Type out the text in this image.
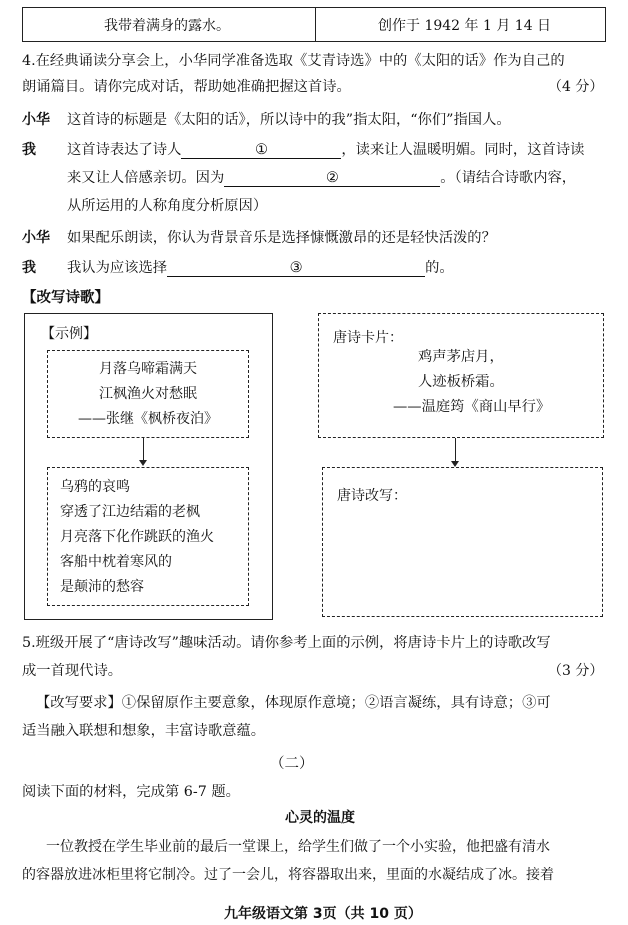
我带着满身的露水。	创作于 1942 年 1 月 14 日
4.在经典诵读分享会上，小华同学准备选取《艾青诗选》中的《太阳的话》作为自己的
朗诵篇目。请你完成对话，帮助她准确把握这首诗。	（4 分）
小华 这首诗的标题是《太阳的话》，所以诗中的我”指太阳，“你们”指国人。
我 这首诗表达了诗人	①	，读来让人温暖明媚。同时，这首诗读
来又让人倍感亲切。因为	②	。（请结合诗歌内容，
从所运用的人称角度分析原因）
小华 如果配乐朗读，你认为背景音乐是选择慷慨激昂的还是轻快活泼的？
我 我认为应该选择	③	的。
【改写诗歌】
【示例】
月落乌啼霜满天
江枫渔火对愁眠
——张继《枫桥夜泊》
乌鸦的哀鸣
穿透了江边结霜的老枫
月亮落下化作跳跃的渔火
客船中枕着寒风的
是颠沛的愁容
唐诗卡片：
鸡声茅店月，
人迹板桥霜。
——温庭筠《商山早行》
唐诗改写：
5.班级开展了“唐诗改写”趣味活动。请你参考上面的示例，将唐诗卡片上的诗歌改写
成一首现代诗。	（3 分）
【改写要求】①保留原作主要意象，体现原作意境；②语言凝练，具有诗意；③可
适当融入联想和想象，丰富诗歌意蕴。
（二）
阅读下面的材料，完成第 6-7 题。
心灵的温度
一位教授在学生毕业前的最后一堂课上，给学生们做了一个小实验，他把盛有清水
的容器放进冰柜里将它制冷。过了一会儿，将容器取出来，里面的水凝结成了冰。接着
九年级语文第 3页（共 10 页）
